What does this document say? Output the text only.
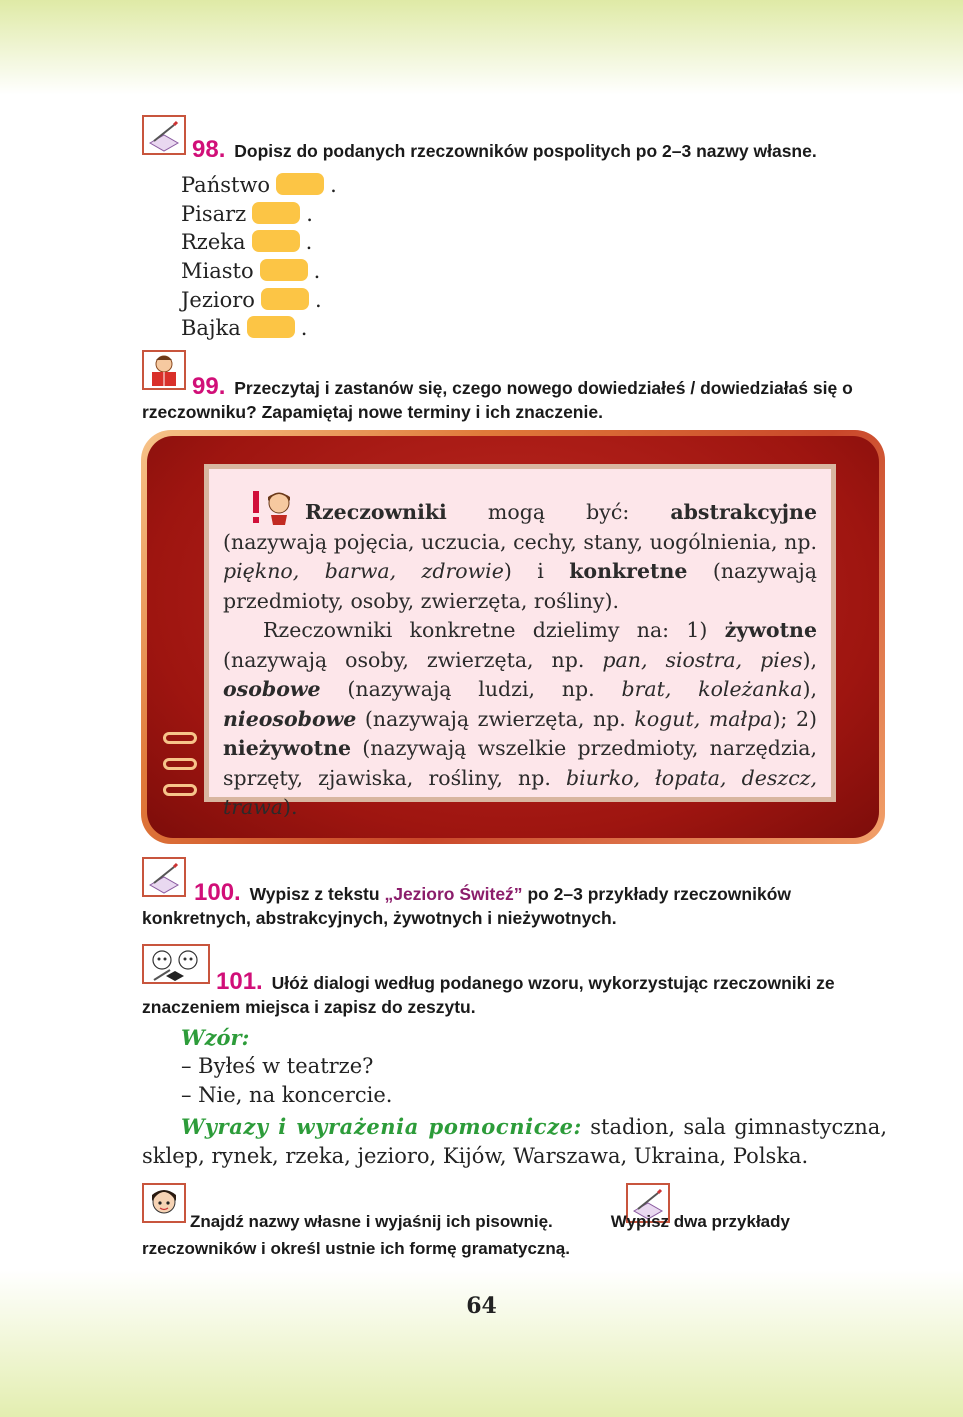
98. Dopisz do podanych rzeczowników pospolitych po 2–3 nazwy własne.
Państwo	.
Pisarz	.
Rzeka	.
Miasto	.
Jezioro	.
Bajka	.
99. Przeczytaj i zastanów się, czego nowego dowiedziałeś / dowiedziałaś się o rzeczowniku? Zapamiętaj nowe terminy i ich znaczenie.
Rzeczowniki mogą być: abstrakcyjne (nazywają pojęcia, uczucia, cechy, stany, uogólnienia, np. piękno, barwa, zdrowie) i konkretne (nazywają przedmioty, osoby, zwierzęta, rośliny).
Rzeczowniki konkretne dzielimy na: 1) żywotne (nazywają osoby, zwierzęta, np. pan, siostra, pies), osobowe (nazywają ludzi, np. brat, koleżanka), nieosobowe (nazywają zwierzęta, np. kogut, małpa); 2) nieżywotne (nazywają wszelkie przedmioty, narzędzia, sprzęty, zjawiska, rośliny, np. biurko, łopata, deszcz, trawa).
100. Wypisz z tekstu „Jezioro Świteź” po 2–3 przykłady rzeczowników konkretnych, abstrakcyjnych, żywotnych i nieżywotnych.
101. Ułóż dialogi według podanego wzoru, wykorzystując rzeczowniki ze znaczeniem miejsca i zapisz do zeszytu.
Wzór:
– Byłeś w teatrze?
– Nie, na koncercie.
Wyrazy i wyrażenia pomocnicze: stadion, sala gimnastyczna, sklep, rynek, rzeka, jezioro, Kijów, Warszawa, Ukraina, Polska.
Znajdź nazwy własne i wyjaśnij ich pisownię.	Wypisz dwa przykłady rzeczowników i określ ustnie ich formę gramatyczną.
64
